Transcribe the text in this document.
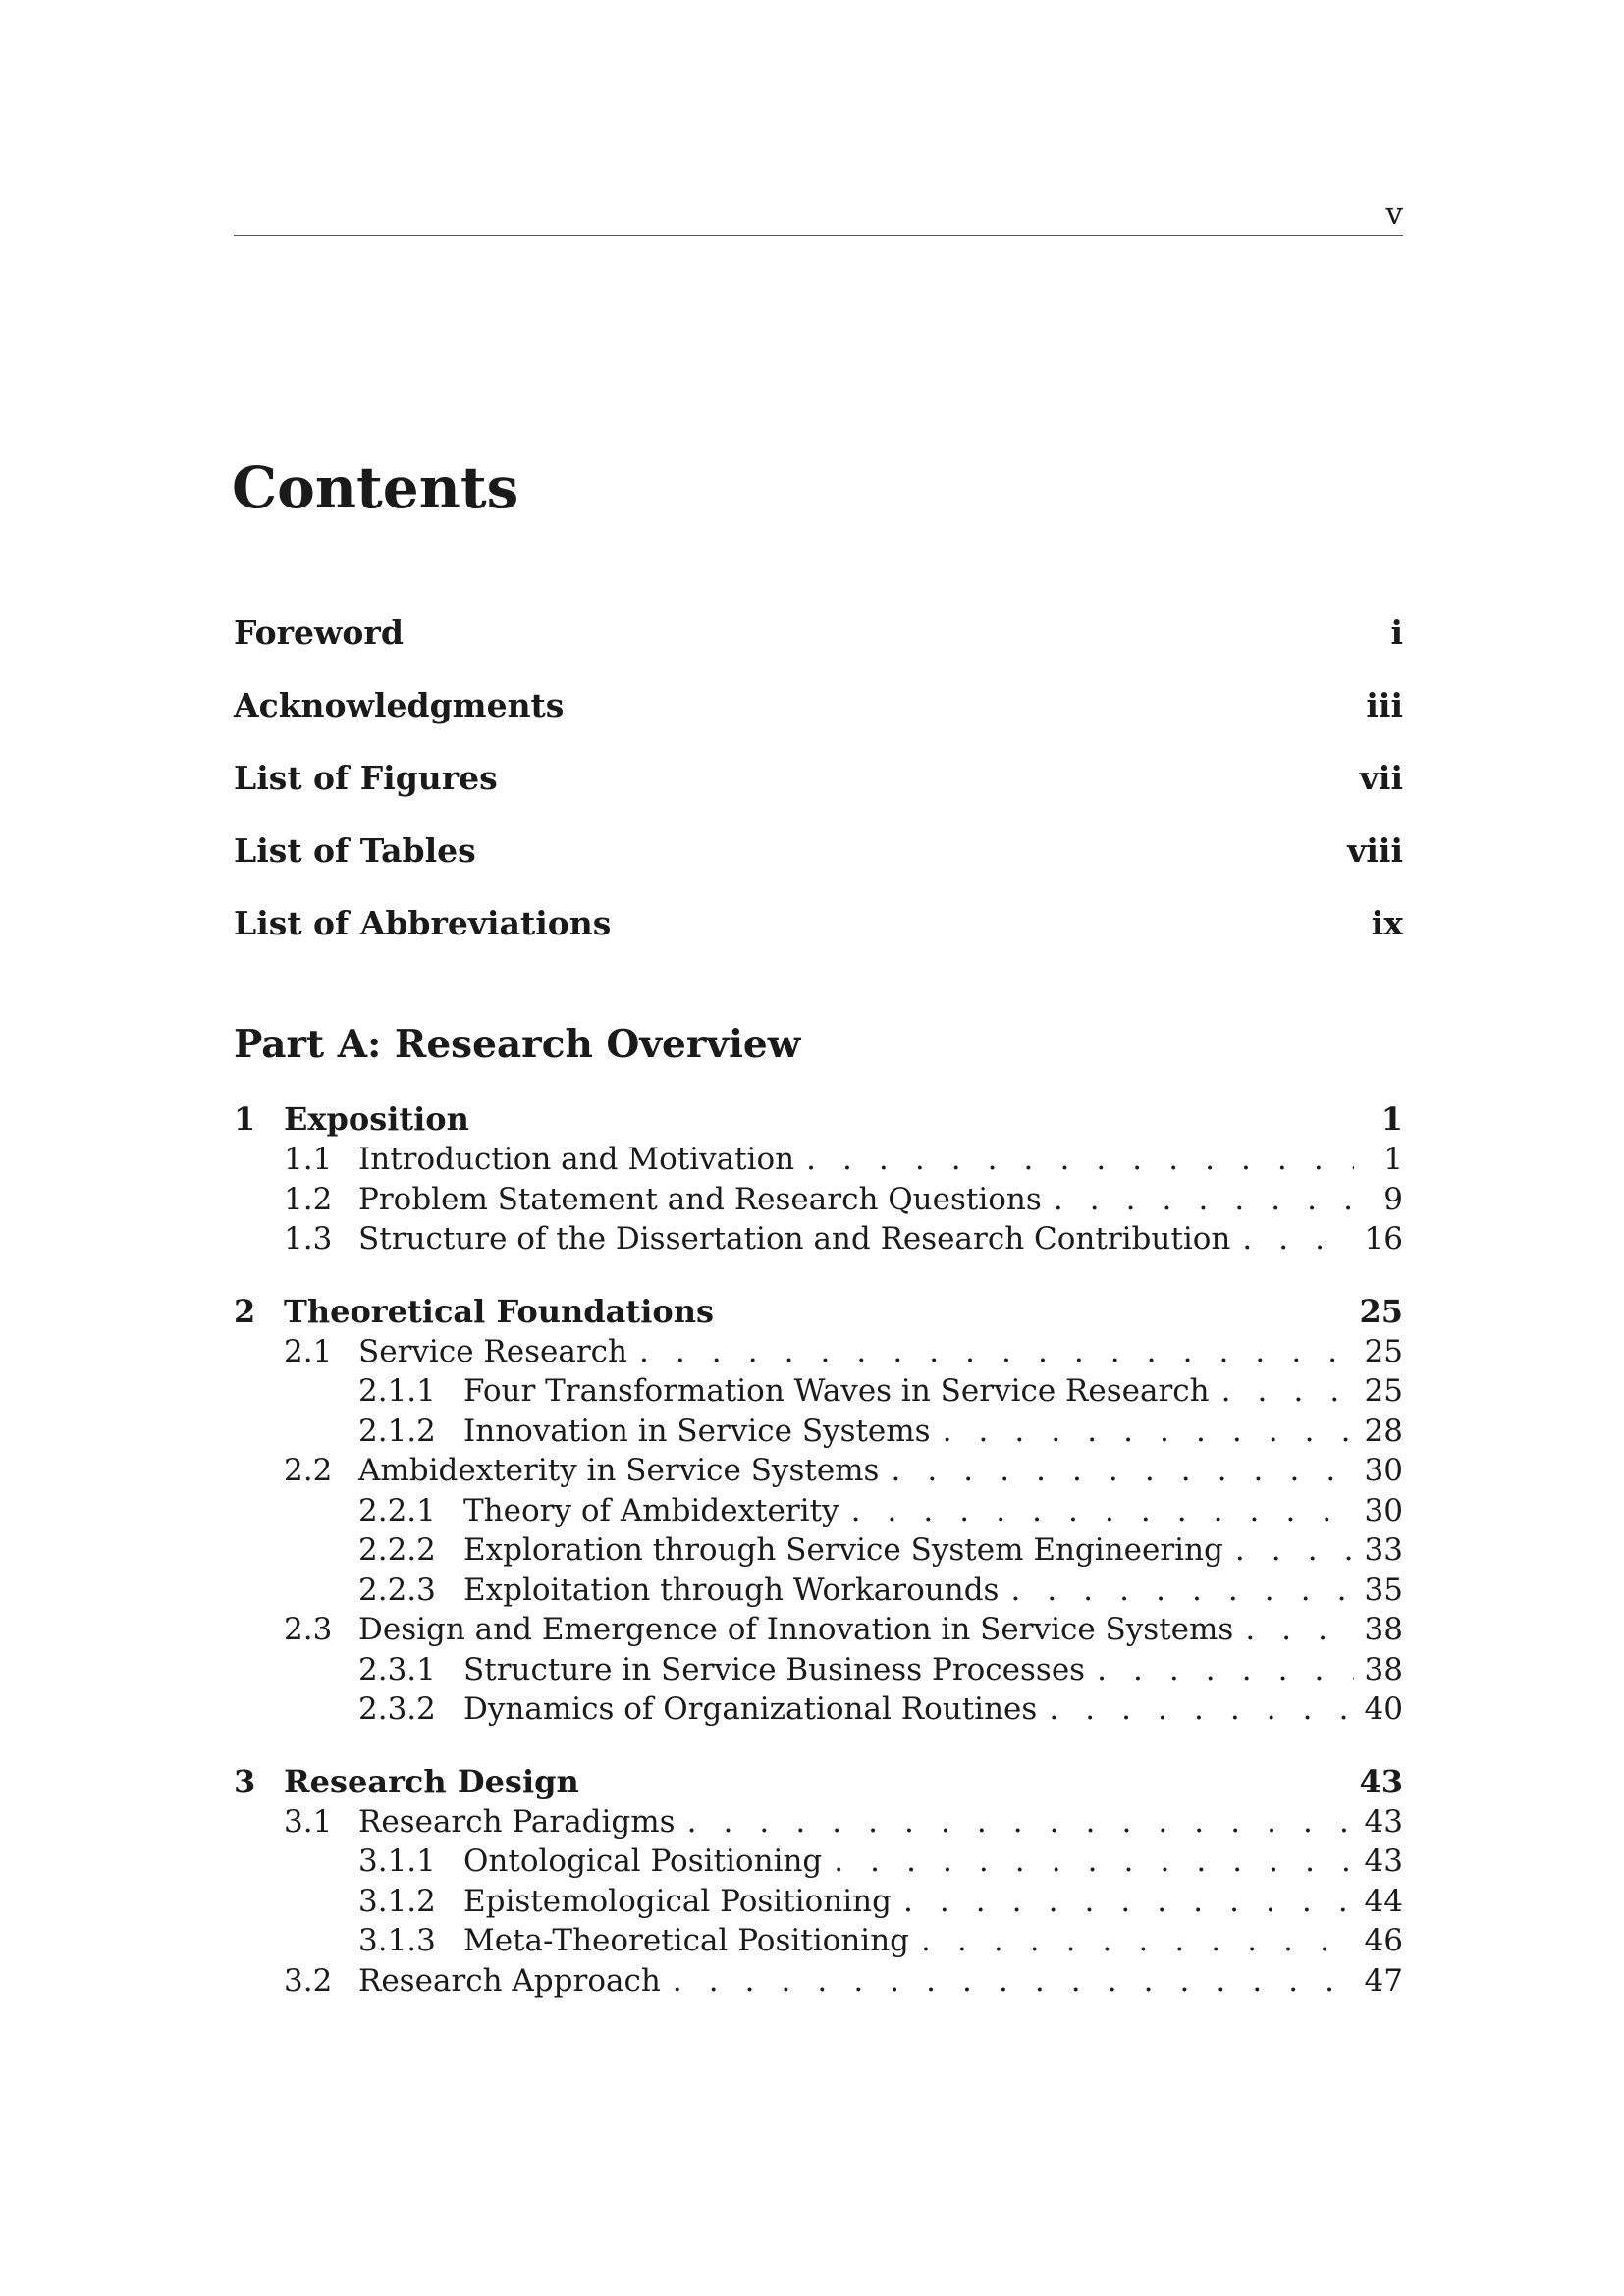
v
Contents
Foreword	i
Acknowledgments	iii
List of Figures	vii
List of Tables	viii
List of Abbreviations	ix
Part A: Research Overview
1 Exposition	1
1.1 Introduction and Motivation . . .	1
1.2 Problem Statement and Research Questions . . .	9
1.3 Structure of the Dissertation and Research Contribution . . .	16
2 Theoretical Foundations	25
2.1 Service Research . . .	25
2.1.1 Four Transformation Waves in Service Research . . .	25
2.1.2 Innovation in Service Systems . . .	28
2.2 Ambidexterity in Service Systems . . .	30
2.2.1 Theory of Ambidexterity . . .	30
2.2.2 Exploration through Service System Engineering . . .	33
2.2.3 Exploitation through Workarounds . . .	35
2.3 Design and Emergence of Innovation in Service Systems . . .	38
2.3.1 Structure in Service Business Processes . . .	38
2.3.2 Dynamics of Organizational Routines . . .	40
3 Research Design	43
3.1 Research Paradigms . . .	43
3.1.1 Ontological Positioning . . .	43
3.1.2 Epistemological Positioning . . .	44
3.1.3 Meta-Theoretical Positioning . . .	46
3.2 Research Approach . . .	47
